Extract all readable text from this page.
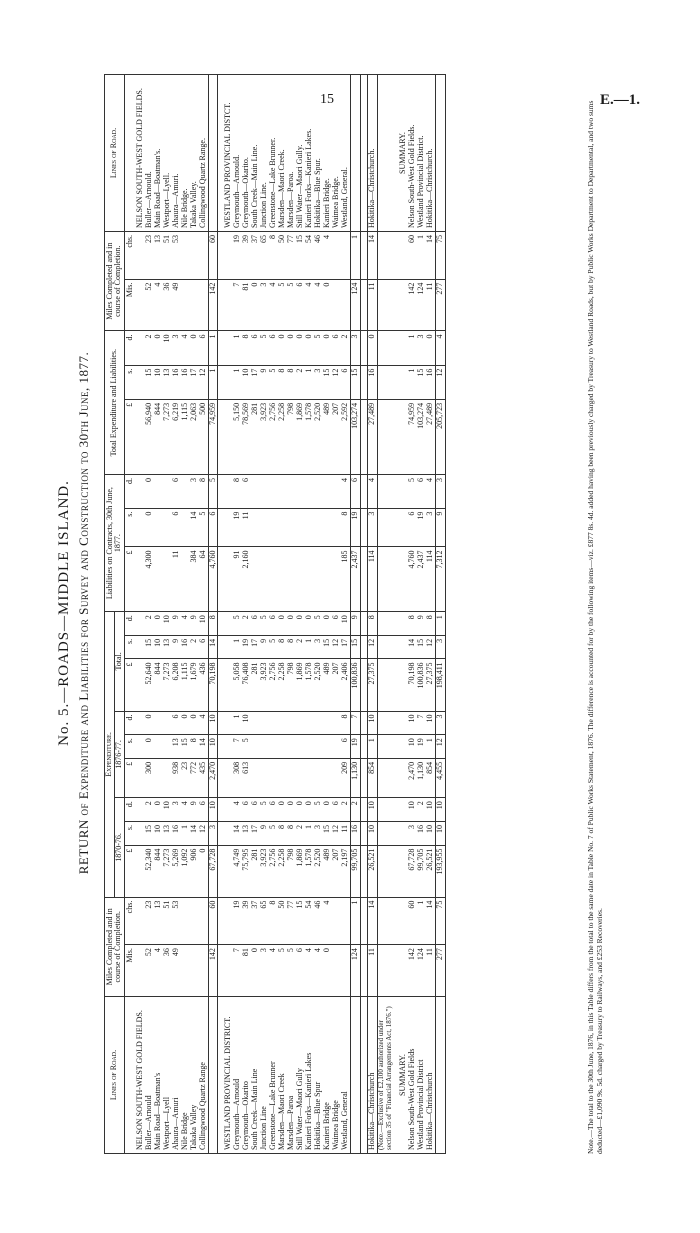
15	E.—1.
No. 5.—ROADS—MIDDLE ISLAND. RETURN of Expenditure and Liabilities for Survey and Construction to 30th June, 1877.
Lines of Road.	Miles Completed and in course of Completion.		Expenditure.									Liabilities on Contracts, 30th June, 1877.			Total Expenditure and Liabilities.			Miles Completed and in course of Completion.		Lines of Road.
			1870-76.			1876-77.			Total.											
	Mis.	chs.	£	s.	d.	£	s.	d.	£	s.	d.	£	s.	d.	£	s.	d.	Mis.	chs.	
NELSON SOUTH-WEST GOLD FIELDS.																				NELSON SOUTH-WEST GOLD FIELDS.
Buller—Arnould	52	23	52,340	15	2	300	0	0	52,640	15	2	4,300	0	0	56,940	15	2	52	23	Buller—Arnould.
Main Road—Boatman's	4	13	844	10	0				844	10	0				844	10	0	4	13	Main Road—Boatman's.
Westport—Lyell	36	51	7,273	13	10				7,273	13	10				7,273	13	10	36	51	Westport—Lyell.
Ahaura—Amuri	49	53	5,269	16	3	938	13	6	6,208	9	9	11	6	6	6,219	16	3	49	53	Ahaura—Amuri.
Nile Bridge			1,092	1	4	23	15	0	1,115	16	4				1,115	16	4			Nile Bridge.
Takaka Valley			906	14	9	772	8	0	1,679	2	9	384	14	3	2,063	17	0			Takaka Valley.
Collingwood Quartz Range			0	12	6	435	14	4	436	6	10	64	5	8	500	12	6			Collingwood Quartz Range.
	142	60	67,728	3	10	2,470	10	10	70,198	14	8	4,760	6	5	74,959	1	1	142	60	

WESTLAND PROVINCIAL DISTRICT.																				WESTLAND PROVINCIAL DISTCT.
Greymouth—Arnould	7	19	4,749	14	4	308	7	1	5,058	1	5	91	19	8	5,150	1	1	7	19	Greymouth—Arnould.
Greymouth—Okarito	81	39	75,795	13	6	613	5	10	76,408	19	2	2,160	11	6	78,569	10	8	81	39	Greymouth—Okarito.
South Creek—Main Line	0	37	281	17	6				281	17	6				281	17	6	0	37	South Creek—Main Line.
Junction Line	3	65	3,923	9	5				3,923	9	5				3,923	9	5	3	65	Junction Line.
Greenstone—Lake Brunner	4	8	2,756	5	6				2,756	5	6				2,756	5	6	4	8	Greenstone—Lake Brunner.
Marsden—Maori Creek	5	50	2,258	8	0				2,258	8	0				2,258	8	0	5	50	Marsden—Maori Creek.
Marsden—Paroa	5	77	798	8	0				798	8	0				798	8	0	5	77	Marsden—Paroa.
Still Water—Maori Gully	6	15	1,869	2	0				1,869	2	0				1,869	2	0	6	15	Still Water—Maori Gully.
Kanieri Forks—Kanieri Lakes	4	54	1,578	1	0				1,578	1	0				1,578	1	0	4	54	Kanieri Forks—Kanieri Lakes.
Hokitika—Blue Spur	4	46	2,520	3	5				2,520	3	5				2,520	3	5	4	46	Hokitika—Blue Spur.
Kanieri Bridge	0	4	489	15	0				489	15	0				489	15	0	0	4	Kanieri Bridge.
Waimea Bridge			207	12	6				207	12	6				207	12	6			Waimea Bridge.
Westland, General			2,197	11	2	209	6	8	2,406	17	10	185	8	4	2,592	6	2			Westland, General.
	124	1	99,705	16	2	1,130	19	7	100,836	15	9	2,437	19	6	103,274	15	3	124	1	

Hokitika—Christchurch	11	14	26,521	10	10	854	1	10	27,375	12	8	114	3	4	27,489	16	0	11	14	Hokitika—Christchurch.
(Note.—Exclusive of £2,100 authorized under section 35 of "Financial Arrangements Act, 1876.")																				

SUMMARY.																				SUMMARY.
Nelson South-West Gold Fields	142	60	67,728	3	10	2,470	10	10	70,198	14	8	4,760	6	5	74,959	1	1	142	60	Nelson South-West Gold Fields.
Westland Provincial District	124	1	99,705	16	2	1,130	19	7	100,836	15	9	2,437	19	6	103,274	15	3	124	1	Westland Provincial District.
Hokitika—Christchurch	11	14	26,521	10	10	854	1	10	27,375	12	8	114	3	4	27,489	16	0	11	14	Hokitika—Christchurch.
	277	75	193,955	10	10	4,455	12	3	198,411	3	1	7,312	9	3	205,723	12	4	277	75		Note.—The total to the 30th June, 1876, in this Table differs from the total to the same date in Table No. 7 of Public Works Statement, 1876. The difference is accounted for by the following items—viz. £877 8s. 4d. added having been previously charged by Treasury to Westland Roads, but by Public Works Department to Departmental, and two sums deducted—£1,090 9s. 5d. charged by Treasury to Railways, and £253 Recoveries.
